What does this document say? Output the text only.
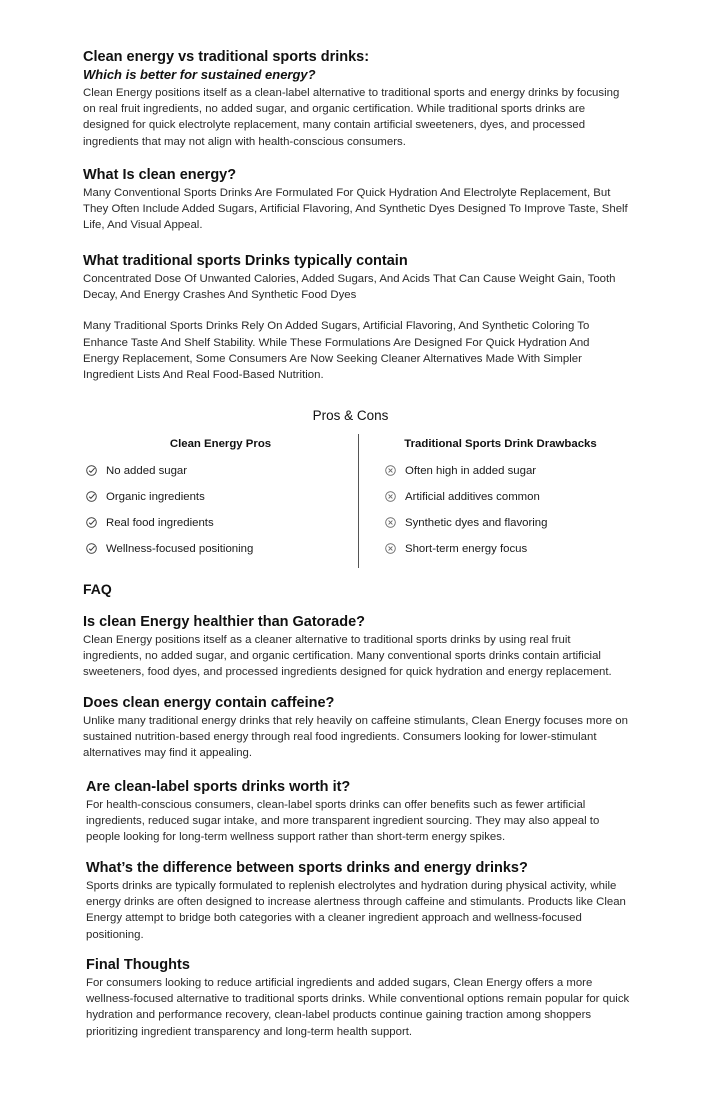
Clean energy vs traditional sports drinks:
Which is better for sustained energy?

Clean Energy positions itself as a clean-label alternative to traditional sports and energy drinks by focusing on real fruit ingredients, no added sugar, and organic certification. While traditional sports drinks are designed for quick electrolyte replacement, many contain artificial sweeteners, dyes, and processed ingredients that may not align with health-conscious consumers.

What Is clean energy?

Many Conventional Sports Drinks Are Formulated For Quick Hydration And Electrolyte Replacement, But They Often Include Added Sugars, Artificial Flavoring, And Synthetic Dyes Designed To Improve Taste, Shelf Life, And Visual Appeal.

What traditional sports Drinks typically contain

Concentrated Dose Of Unwanted Calories, Added Sugars, And Acids That Can Cause Weight Gain, Tooth Decay, And Energy Crashes And Synthetic Food Dyes

Many Traditional Sports Drinks Rely On Added Sugars, Artificial Flavoring, And Synthetic Coloring To Enhance Taste And Shelf Stability. While These Formulations Are Designed For Quick Hydration And Energy Replacement, Some Consumers Are Now Seeking Cleaner Alternatives Made With Simpler Ingredient Lists And Real Food-Based Nutrition.

Pros & Cons
Clean Energy Pros	Traditional Sports Drink Drawbacks
No added sugar
Organic ingredients
Real food ingredients
Wellness-focused positioning
Often high in added sugar
Artificial additives common
Synthetic dyes and flavoring
Short-term energy focus
FAQ
Is clean Energy healthier than Gatorade?

Clean Energy positions itself as a cleaner alternative to traditional sports drinks by using real fruit ingredients, no added sugar, and organic certification. Many conventional sports drinks contain artificial sweeteners, food dyes, and processed ingredients designed for quick hydration and energy replacement.

Does clean energy contain caffeine?

Unlike many traditional energy drinks that rely heavily on caffeine stimulants, Clean Energy focuses more on sustained nutrition-based energy through real food ingredients. Consumers looking for lower-stimulant alternatives may find it appealing.

Are clean-label sports drinks worth it?

For health-conscious consumers, clean-label sports drinks can offer benefits such as fewer artificial ingredients, reduced sugar intake, and more transparent ingredient sourcing. They may also appeal to people looking for long-term wellness support rather than short-term energy spikes.

What’s the difference between sports drinks and energy drinks?

Sports drinks are typically formulated to replenish electrolytes and hydration during physical activity, while energy drinks are often designed to increase alertness through caffeine and stimulants. Products like Clean Energy attempt to bridge both categories with a cleaner ingredient approach and wellness-focused positioning.

Final Thoughts

For consumers looking to reduce artificial ingredients and added sugars, Clean Energy offers a more wellness-focused alternative to traditional sports drinks. While conventional options remain popular for quick hydration and performance recovery, clean-label products continue gaining traction among shoppers prioritizing ingredient transparency and long-term health support.
